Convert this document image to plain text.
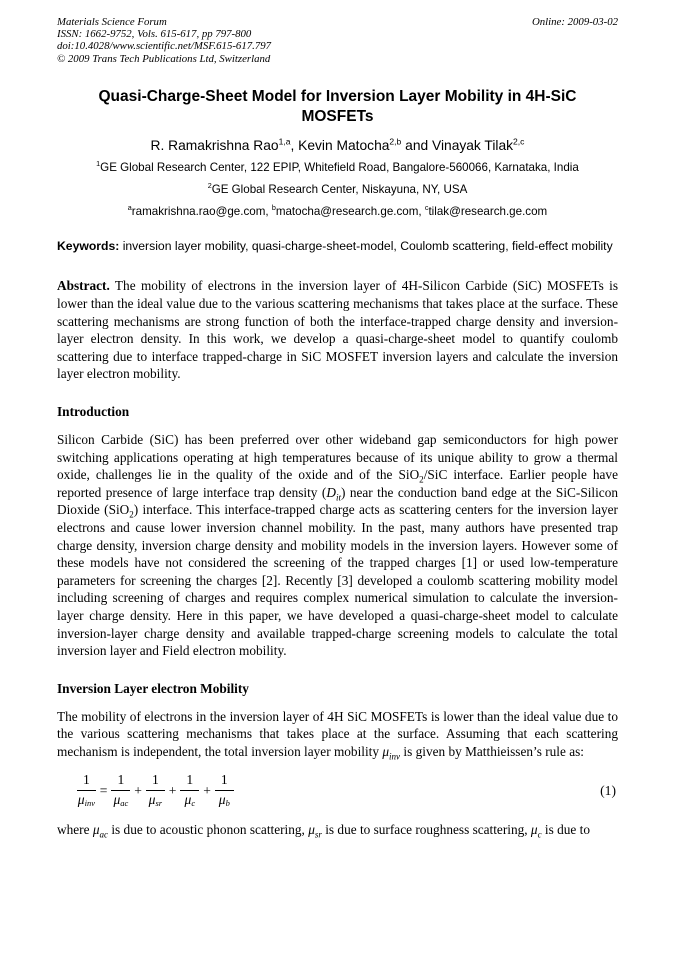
Materials Science Forum
ISSN: 1662-9752, Vols. 615-617, pp 797-800
doi:10.4028/www.scientific.net/MSF.615-617.797
© 2009 Trans Tech Publications Ltd, Switzerland
Online: 2009-03-02
Quasi-Charge-Sheet Model for Inversion Layer Mobility in 4H-SiC MOSFETs

R. Ramakrishna Rao$^{1,a}$, Kevin Matocha$^{2,b}$ and Vinayak Tilak$^{2,c}$

$^1$GE Global Research Center, 122 EPIP, Whitefield Road, Bangalore-560066, Karnataka, India

$^2$GE Global Research Center, Niskayuna, NY, USA

$^a$ramakrishna.rao@ge.com, $^b$matocha@research.ge.com, $^c$tilak@research.ge.com

Keywords: inversion layer mobility, quasi-charge-sheet-model, Coulomb scattering, field-effect mobility

Abstract. The mobility of electrons in the inversion layer of 4H-Silicon Carbide (SiC) MOSFETs is lower than the ideal value due to the various scattering mechanisms that takes place at the surface. These scattering mechanisms are strong function of both the interface-trapped charge density and inversion-layer electron density. In this work, we develop a quasi-charge-sheet model to quantify coulomb scattering due to interface trapped-charge in SiC MOSFET inversion layers and calculate the inversion layer electron mobility.

Introduction

Silicon Carbide (SiC) has been preferred over other wideband gap semiconductors for high power switching applications operating at high temperatures because of its unique ability to grow a thermal oxide, challenges lie in the quality of the oxide and of the SiO$_2$/SiC interface. Earlier people have reported presence of large interface trap density $(D_{it})$ near the conduction band edge at the SiC-Silicon Dioxide (SiO$_2$) interface. This interface-trapped charge acts as scattering centers for the inversion layer electrons and cause lower inversion channel mobility. In the past, many authors have presented trap charge density, inversion charge density and mobility models in the inversion layers. However some of these models have not considered the screening of the trapped charges [1] or used low-temperature parameters for screening the charges [2]. Recently [3] developed a coulomb scattering mobility model including screening of charges and requires complex numerical simulation to calculate the inversion-layer charge density. Here in this paper, we have developed a quasi-charge-sheet model to calculate inversion-layer charge density and available trapped-charge screening models to calculate the total inversion layer and Field electron mobility.

Inversion Layer electron Mobility

The mobility of electrons in the inversion layer of 4H SiC MOSFETs is lower than the ideal value due to the various scattering mechanisms that takes place at the surface. Assuming that each scattering mechanism is independent, the total inversion layer mobility $\mu_{inv}$ is given by Matthieissen’s rule as:

$\frac{1}{\text{μinv}} = \frac{1}{\text{μac}} + \frac{1}{\text{μsr}} + \frac{1}{\mu c} + \frac{1}{\mu b}$	(1)

where $\mu_{ac}$ is due to acoustic phonon scattering, $\mu_{sr}$ is due to surface roughness scattering, $\mu_c$ is due to
